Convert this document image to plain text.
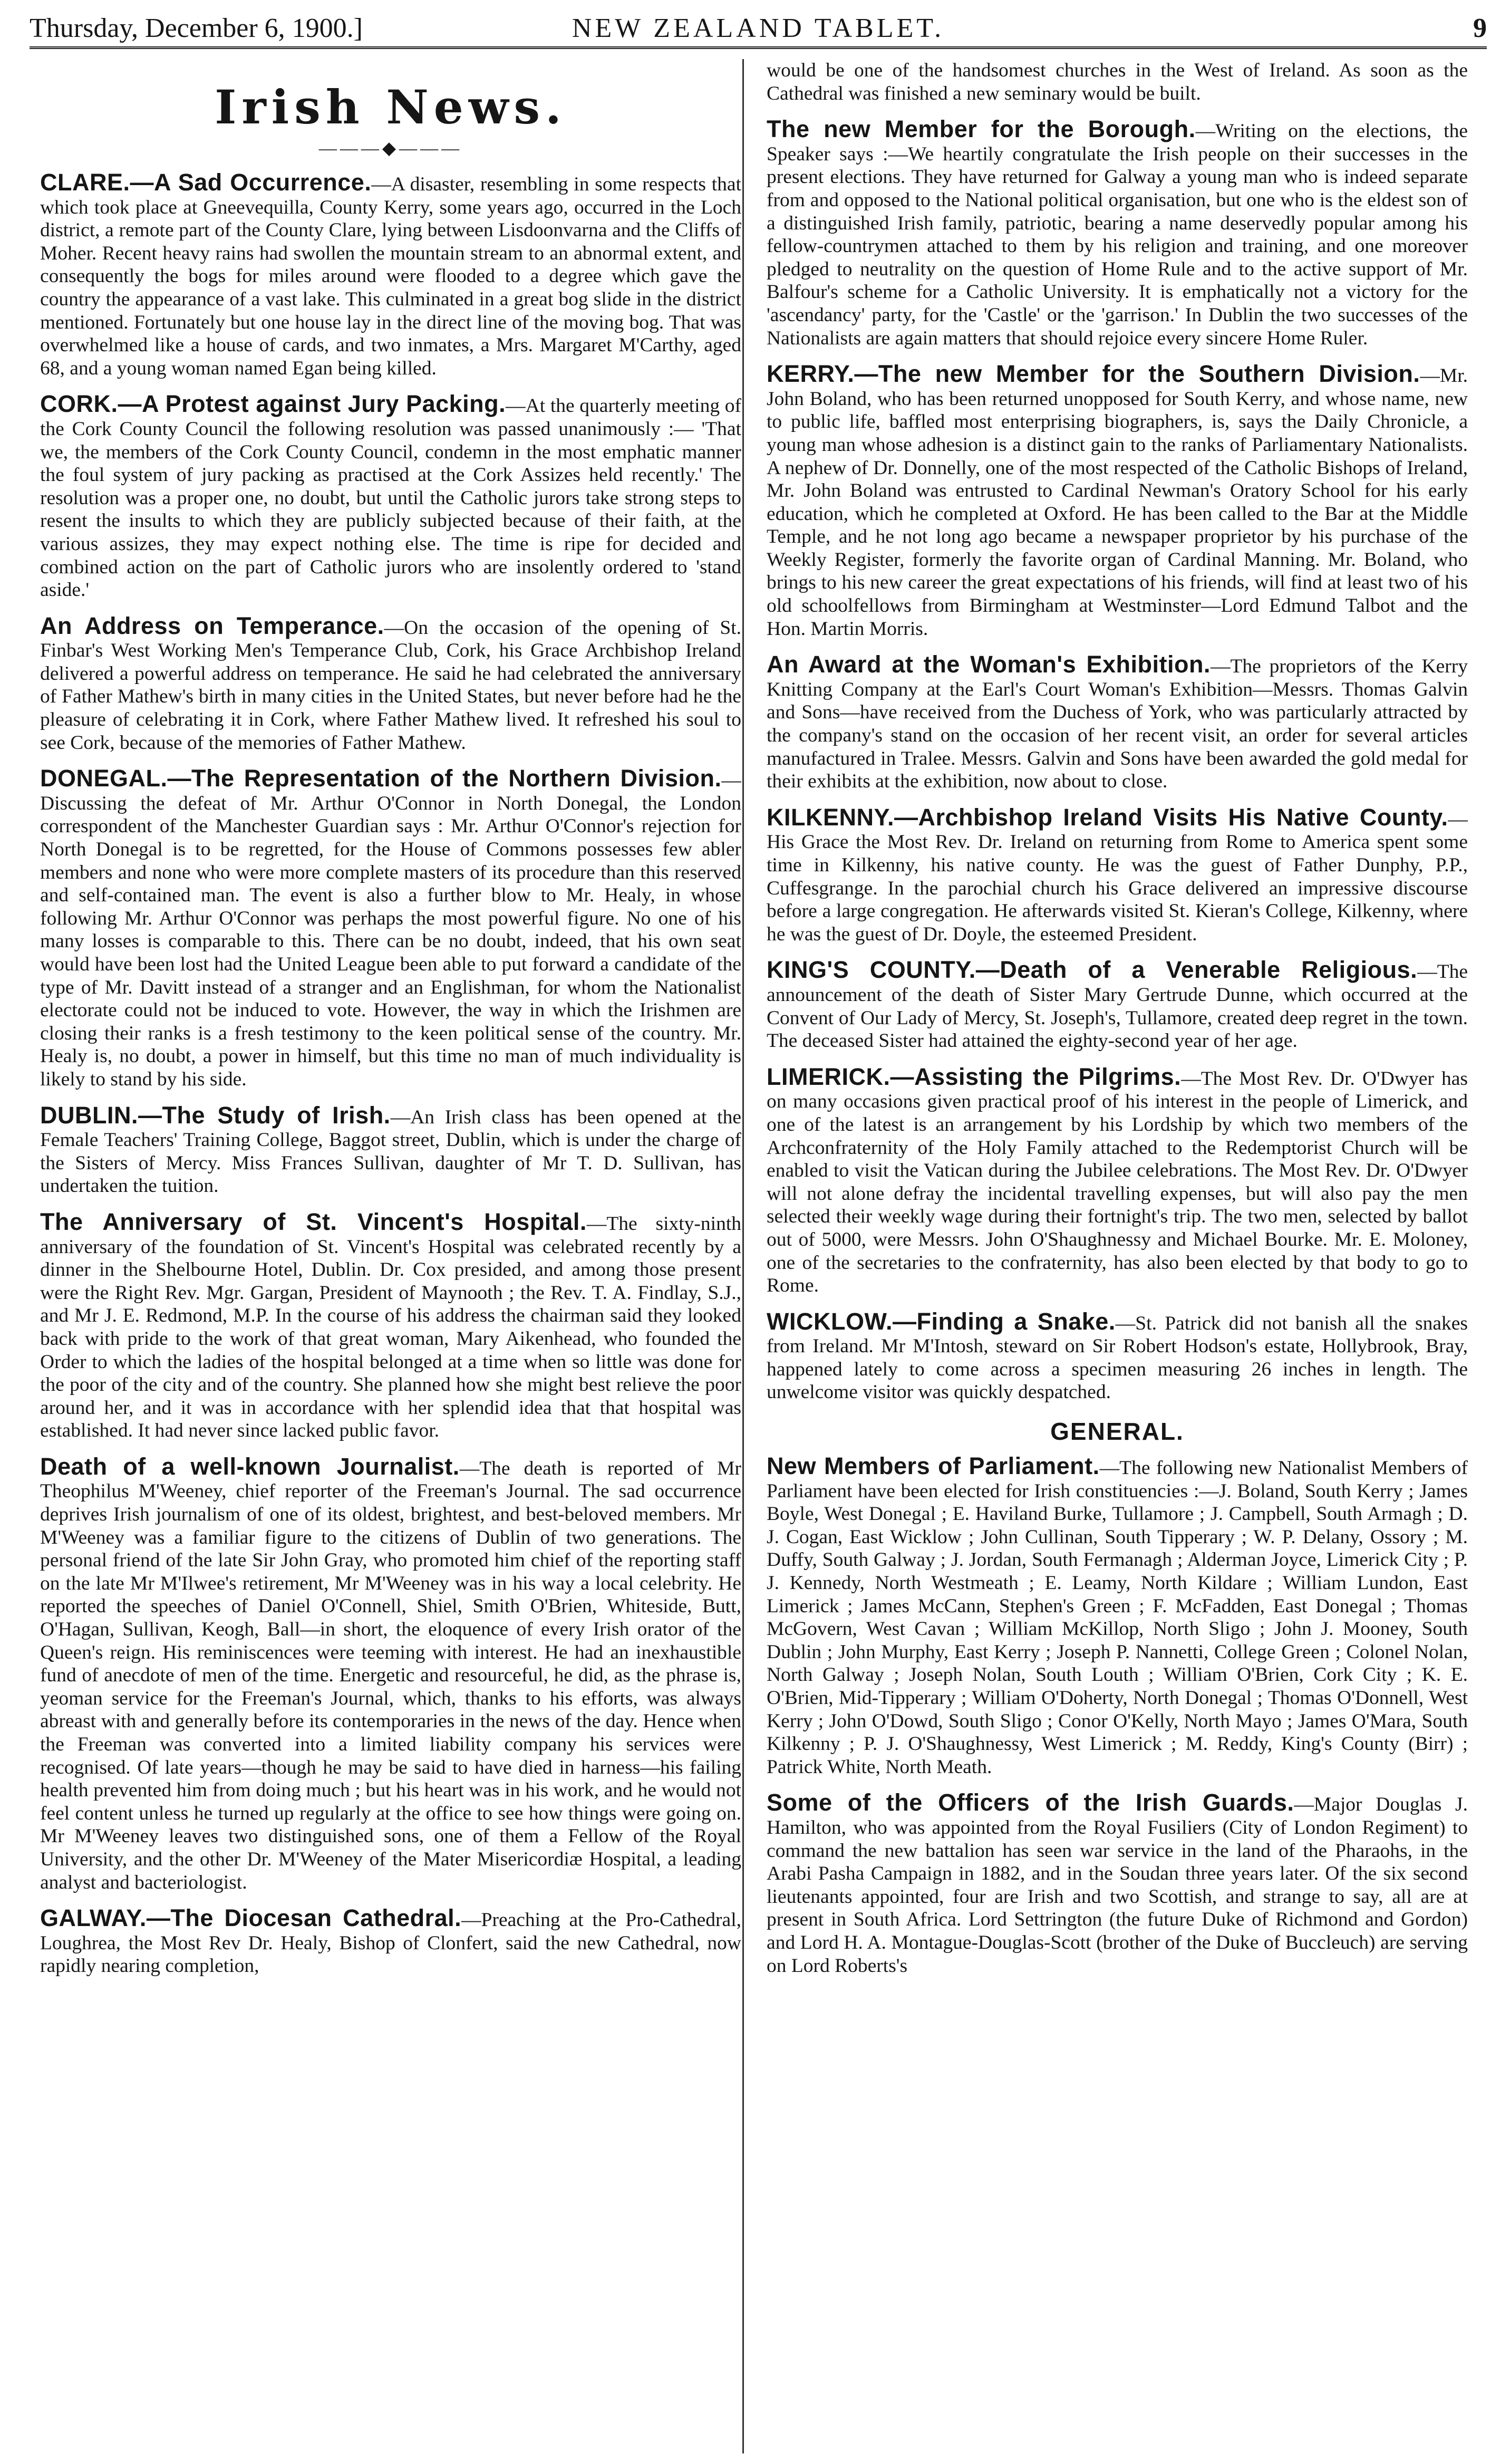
Thursday, December 6, 1900.]	NEW ZEALAND TABLET.	9
Irish News.
———◆———

CLARE.—A Sad Occurrence.—A disaster, resembling in some respects that which took place at Gneevequilla, County Kerry, some years ago, occurred in the Loch district, a remote part of the County Clare, lying between Lisdoonvarna and the Cliffs of Moher. Recent heavy rains had swollen the mountain stream to an abnormal extent, and consequently the bogs for miles around were flooded to a degree which gave the country the appearance of a vast lake. This culminated in a great bog slide in the district mentioned. Fortunately but one house lay in the direct line of the moving bog. That was overwhelmed like a house of cards, and two inmates, a Mrs. Margaret M'Carthy, aged 68, and a young woman named Egan being killed.

CORK.—A Protest against Jury Packing.—At the quarterly meeting of the Cork County Council the following resolution was passed unanimously :— 'That we, the members of the Cork County Council, condemn in the most emphatic manner the foul system of jury packing as practised at the Cork Assizes held recently.' The resolution was a proper one, no doubt, but until the Catholic jurors take strong steps to resent the insults to which they are publicly subjected because of their faith, at the various assizes, they may expect nothing else. The time is ripe for decided and combined action on the part of Catholic jurors who are insolently ordered to 'stand aside.'

An Address on Temperance.—On the occasion of the opening of St. Finbar's West Working Men's Temperance Club, Cork, his Grace Archbishop Ireland delivered a powerful address on temperance. He said he had celebrated the anniversary of Father Mathew's birth in many cities in the United States, but never before had he the pleasure of celebrating it in Cork, where Father Mathew lived. It refreshed his soul to see Cork, because of the memories of Father Mathew.

DONEGAL.—The Representation of the Northern Division.—Discussing the defeat of Mr. Arthur O'Connor in North Donegal, the London correspondent of the Manchester Guardian says : Mr. Arthur O'Connor's rejection for North Donegal is to be regretted, for the House of Commons possesses few abler members and none who were more complete masters of its procedure than this reserved and self-contained man. The event is also a further blow to Mr. Healy, in whose following Mr. Arthur O'Connor was perhaps the most powerful figure. No one of his many losses is comparable to this. There can be no doubt, indeed, that his own seat would have been lost had the United League been able to put forward a candidate of the type of Mr. Davitt instead of a stranger and an Englishman, for whom the Nationalist electorate could not be induced to vote. However, the way in which the Irishmen are closing their ranks is a fresh testimony to the keen political sense of the country. Mr. Healy is, no doubt, a power in himself, but this time no man of much individuality is likely to stand by his side.

DUBLIN.—The Study of Irish.—An Irish class has been opened at the Female Teachers' Training College, Baggot street, Dublin, which is under the charge of the Sisters of Mercy. Miss Frances Sullivan, daughter of Mr T. D. Sullivan, has undertaken the tuition.

The Anniversary of St. Vincent's Hospital.—The sixty-ninth anniversary of the foundation of St. Vincent's Hospital was celebrated recently by a dinner in the Shelbourne Hotel, Dublin. Dr. Cox presided, and among those present were the Right Rev. Mgr. Gargan, President of Maynooth ; the Rev. T. A. Findlay, S.J., and Mr J. E. Redmond, M.P. In the course of his address the chairman said they looked back with pride to the work of that great woman, Mary Aikenhead, who founded the Order to which the ladies of the hospital belonged at a time when so little was done for the poor of the city and of the country. She planned how she might best relieve the poor around her, and it was in accordance with her splendid idea that that hospital was established. It had never since lacked public favor.

Death of a well-known Journalist.—The death is reported of Mr Theophilus M'Weeney, chief reporter of the Freeman's Journal. The sad occurrence deprives Irish journalism of one of its oldest, brightest, and best-beloved members. Mr M'Weeney was a familiar figure to the citizens of Dublin of two generations. The personal friend of the late Sir John Gray, who promoted him chief of the reporting staff on the late Mr M'Ilwee's retirement, Mr M'Weeney was in his way a local celebrity. He reported the speeches of Daniel O'Connell, Shiel, Smith O'Brien, Whiteside, Butt, O'Hagan, Sullivan, Keogh, Ball—in short, the eloquence of every Irish orator of the Queen's reign. His reminiscences were teeming with interest. He had an inexhaustible fund of anecdote of men of the time. Energetic and resourceful, he did, as the phrase is, yeoman service for the Freeman's Journal, which, thanks to his efforts, was always abreast with and generally before its contemporaries in the news of the day. Hence when the Freeman was converted into a limited liability company his services were recognised. Of late years—though he may be said to have died in harness—his failing health prevented him from doing much ; but his heart was in his work, and he would not feel content unless he turned up regularly at the office to see how things were going on. Mr M'Weeney leaves two distinguished sons, one of them a Fellow of the Royal University, and the other Dr. M'Weeney of the Mater Misericordiæ Hospital, a leading analyst and bacteriologist.

GALWAY.—The Diocesan Cathedral.—Preaching at the Pro-Cathedral, Loughrea, the Most Rev Dr. Healy, Bishop of Clonfert, said the new Cathedral, now rapidly nearing completion,

would be one of the handsomest churches in the West of Ireland. As soon as the Cathedral was finished a new seminary would be built.

The new Member for the Borough.—Writing on the elections, the Speaker says :—We heartily congratulate the Irish people on their successes in the present elections. They have returned for Galway a young man who is indeed separate from and opposed to the National political organisation, but one who is the eldest son of a distinguished Irish family, patriotic, bearing a name deservedly popular among his fellow-countrymen attached to them by his religion and training, and one moreover pledged to neutrality on the question of Home Rule and to the active support of Mr. Balfour's scheme for a Catholic University. It is emphatically not a victory for the 'ascendancy' party, for the 'Castle' or the 'garrison.' In Dublin the two successes of the Nationalists are again matters that should rejoice every sincere Home Ruler.

KERRY.—The new Member for the Southern Division.—Mr. John Boland, who has been returned unopposed for South Kerry, and whose name, new to public life, baffled most enterprising biographers, is, says the Daily Chronicle, a young man whose adhesion is a distinct gain to the ranks of Parliamentary Nationalists. A nephew of Dr. Donnelly, one of the most respected of the Catholic Bishops of Ireland, Mr. John Boland was entrusted to Cardinal Newman's Oratory School for his early education, which he completed at Oxford. He has been called to the Bar at the Middle Temple, and he not long ago became a newspaper proprietor by his purchase of the Weekly Register, formerly the favorite organ of Cardinal Manning. Mr. Boland, who brings to his new career the great expectations of his friends, will find at least two of his old schoolfellows from Birmingham at Westminster—Lord Edmund Talbot and the Hon. Martin Morris.

An Award at the Woman's Exhibition.—The proprietors of the Kerry Knitting Company at the Earl's Court Woman's Exhibition—Messrs. Thomas Galvin and Sons—have received from the Duchess of York, who was particularly attracted by the company's stand on the occasion of her recent visit, an order for several articles manufactured in Tralee. Messrs. Galvin and Sons have been awarded the gold medal for their exhibits at the exhibition, now about to close.

KILKENNY.—Archbishop Ireland Visits His Native County.—His Grace the Most Rev. Dr. Ireland on returning from Rome to America spent some time in Kilkenny, his native county. He was the guest of Father Dunphy, P.P., Cuffesgrange. In the parochial church his Grace delivered an impressive discourse before a large congregation. He afterwards visited St. Kieran's College, Kilkenny, where he was the guest of Dr. Doyle, the esteemed President.

KING'S COUNTY.—Death of a Venerable Religious.—The announcement of the death of Sister Mary Gertrude Dunne, which occurred at the Convent of Our Lady of Mercy, St. Joseph's, Tullamore, created deep regret in the town. The deceased Sister had attained the eighty-second year of her age.

LIMERICK.—Assisting the Pilgrims.—The Most Rev. Dr. O'Dwyer has on many occasions given practical proof of his interest in the people of Limerick, and one of the latest is an arrangement by his Lordship by which two members of the Archconfraternity of the Holy Family attached to the Redemptorist Church will be enabled to visit the Vatican during the Jubilee celebrations. The Most Rev. Dr. O'Dwyer will not alone defray the incidental travelling expenses, but will also pay the men selected their weekly wage during their fortnight's trip. The two men, selected by ballot out of 5000, were Messrs. John O'Shaughnessy and Michael Bourke. Mr. E. Moloney, one of the secretaries to the confraternity, has also been elected by that body to go to Rome.

WICKLOW.—Finding a Snake.—St. Patrick did not banish all the snakes from Ireland. Mr M'Intosh, steward on Sir Robert Hodson's estate, Hollybrook, Bray, happened lately to come across a specimen measuring 26 inches in length. The unwelcome visitor was quickly despatched.

GENERAL.

New Members of Parliament.—The following new Nationalist Members of Parliament have been elected for Irish constituencies :—J. Boland, South Kerry ; James Boyle, West Donegal ; E. Haviland Burke, Tullamore ; J. Campbell, South Armagh ; D. J. Cogan, East Wicklow ; John Cullinan, South Tipperary ; W. P. Delany, Ossory ; M. Duffy, South Galway ; J. Jordan, South Fermanagh ; Alderman Joyce, Limerick City ; P. J. Kennedy, North Westmeath ; E. Leamy, North Kildare ; William Lundon, East Limerick ; James McCann, Stephen's Green ; F. McFadden, East Donegal ; Thomas McGovern, West Cavan ; William McKillop, North Sligo ; John J. Mooney, South Dublin ; John Murphy, East Kerry ; Joseph P. Nannetti, College Green ; Colonel Nolan, North Galway ; Joseph Nolan, South Louth ; William O'Brien, Cork City ; K. E. O'Brien, Mid-Tipperary ; William O'Doherty, North Donegal ; Thomas O'Donnell, West Kerry ; John O'Dowd, South Sligo ; Conor O'Kelly, North Mayo ; James O'Mara, South Kilkenny ; P. J. O'Shaughnessy, West Limerick ; M. Reddy, King's County (Birr) ; Patrick White, North Meath.

Some of the Officers of the Irish Guards.—Major Douglas J. Hamilton, who was appointed from the Royal Fusiliers (City of London Regiment) to command the new battalion has seen war service in the land of the Pharaohs, in the Arabi Pasha Campaign in 1882, and in the Soudan three years later. Of the six second lieutenants appointed, four are Irish and two Scottish, and strange to say, all are at present in South Africa. Lord Settrington (the future Duke of Richmond and Gordon) and Lord H. A. Montague-Douglas-Scott (brother of the Duke of Buccleuch) are serving on Lord Roberts's
